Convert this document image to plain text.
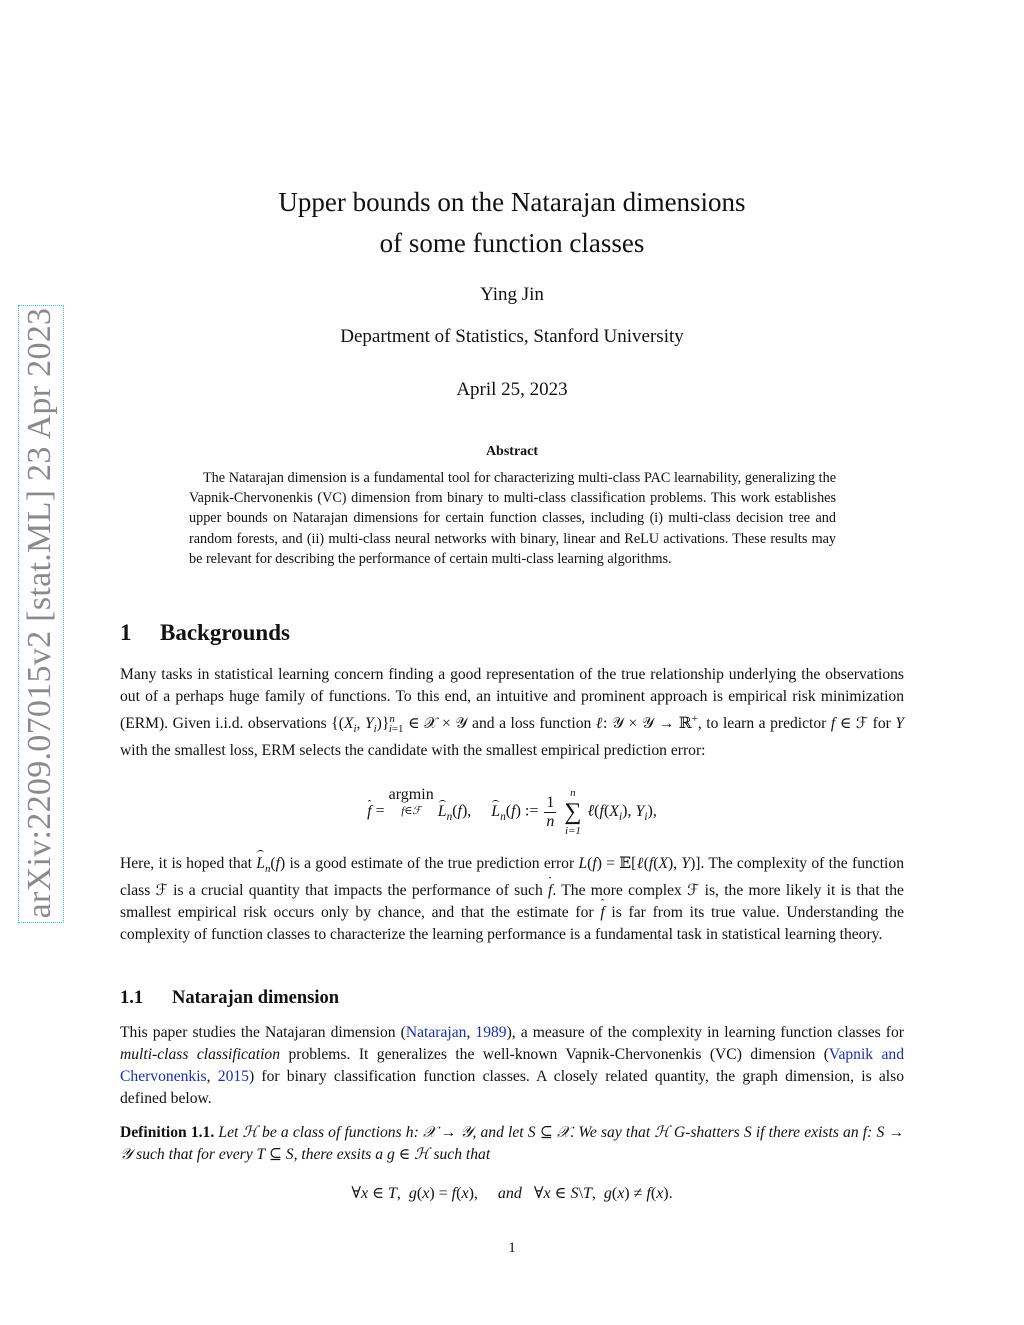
arXiv:2209.07015v2 [stat.ML] 23 Apr 2023
Upper bounds on the Natarajan dimensions
of some function classes
Ying Jin
Department of Statistics, Stanford University
April 25, 2023
Abstract

The Natarajan dimension is a fundamental tool for characterizing multi-class PAC learnability, generalizing the Vapnik-Chervonenkis (VC) dimension from binary to multi-class classification problems. This work establishes upper bounds on Natarajan dimensions for certain function classes, including (i) multi-class decision tree and random forests, and (ii) multi-class neural networks with binary, linear and ReLU activations. These results may be relevant for describing the performance of certain multi-class learning algorithms.

1 Backgrounds

Many tasks in statistical learning concern finding a good representation of the true relationship underlying the observations out of a perhaps huge family of functions. To this end, an intuitive and prominent approach is empirical risk minimization (ERM). Given i.i.d. observations {($X_i$, $Y_i)\}^n_{i=1}$ ∈ 𝒳 × 𝒴 and a loss function ℓ: 𝒴 × 𝒴 → ℝ+, to learn a predictor f ∈ ℱ for Y with the smallest loss, ERM selects the candidate with the smallest empirical prediction error:

f = argmin
f∈ℱ	$L_n(f)$,     $L_n(f)$ := $\frac{1}{n}$

n
∑
i=1
$\ell(f(X_i)$, $Y_i$),

Here, it is hoped that $L_n(f)$ is a good estimate of the true prediction error L(f) = 𝔼[ℓ(f(X), Y)]. The complexity of the function class ℱ is a crucial quantity that impacts the performance of such f. The more complex ℱ is, the more likely it is that the smallest empirical risk occurs only by chance, and that the estimate for f is far from its true value. Understanding the complexity of function classes to characterize the learning performance is a fundamental task in statistical learning theory.

1.1 Natarajan dimension

This paper studies the Natajaran dimension (Natarajan, 1989), a measure of the complexity in learning function classes for multi-class classification problems. It generalizes the well-known Vapnik-Chervonenkis (VC) dimension (Vapnik and Chervonenkis, 2015) for binary classification function classes. A closely related quantity, the graph dimension, is also defined below.

Definition 1.1. Let ℋ be a class of functions h: 𝒳 → 𝒴, and let S ⊆ 𝒳. We say that ℋ G-shatters S if there exists an f: S → 𝒴 such that for every T ⊆ S, there exsits a g ∈ ℋ such that

∀x ∈ T,  g(x) = f(x),     and   ∀x ∈ S\T,  g(x) ≠ f(x).
1
